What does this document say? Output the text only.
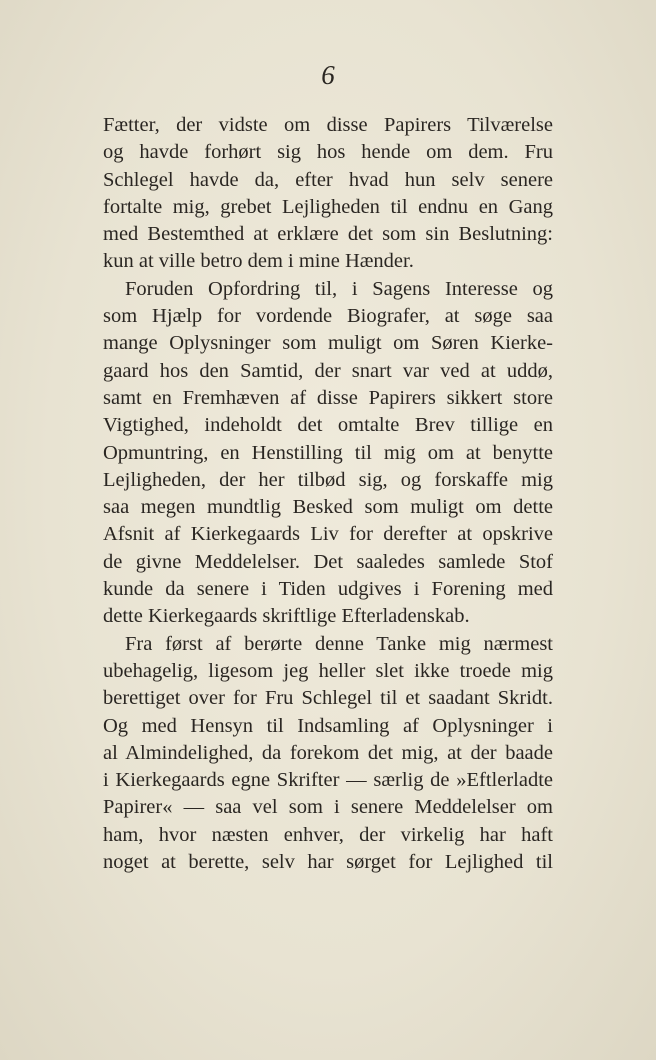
6
Fætter, der vidste om disse Papirers Tilværelse
og havde forhørt sig hos hende om dem. Fru
Schlegel havde da, efter hvad hun selv senere
fortalte mig, grebet Lejligheden til endnu en Gang
med Bestemthed at erklære det som sin Beslutning:
kun at ville betro dem i mine Hænder.
Foruden Opfordring til, i Sagens Interesse og
som Hjælp for vordende Biografer, at søge saa
mange Oplysninger som muligt om Søren Kierke-
gaard hos den Samtid, der snart var ved at uddø,
samt en Fremhæven af disse Papirers sikkert store
Vigtighed, indeholdt det omtalte Brev tillige en
Opmuntring, en Henstilling til mig om at benytte
Lejligheden, der her tilbød sig, og forskaffe mig
saa megen mundtlig Besked som muligt om dette
Afsnit af Kierkegaards Liv for derefter at opskrive
de givne Meddelelser. Det saaledes samlede Stof
kunde da senere i Tiden udgives i Forening med
dette Kierkegaards skriftlige Efterladenskab.
Fra først af berørte denne Tanke mig nærmest
ubehagelig, ligesom jeg heller slet ikke troede mig
berettiget over for Fru Schlegel til et saadant Skridt.
Og med Hensyn til Indsamling af Oplysninger i
al Almindelighed, da forekom det mig, at der baade
i Kierkegaards egne Skrifter — særlig de »Eftlerladte
Papirer« — saa vel som i senere Meddelelser om
ham, hvor næsten enhver, der virkelig har haft
noget at berette, selv har sørget for Lejlighed til
